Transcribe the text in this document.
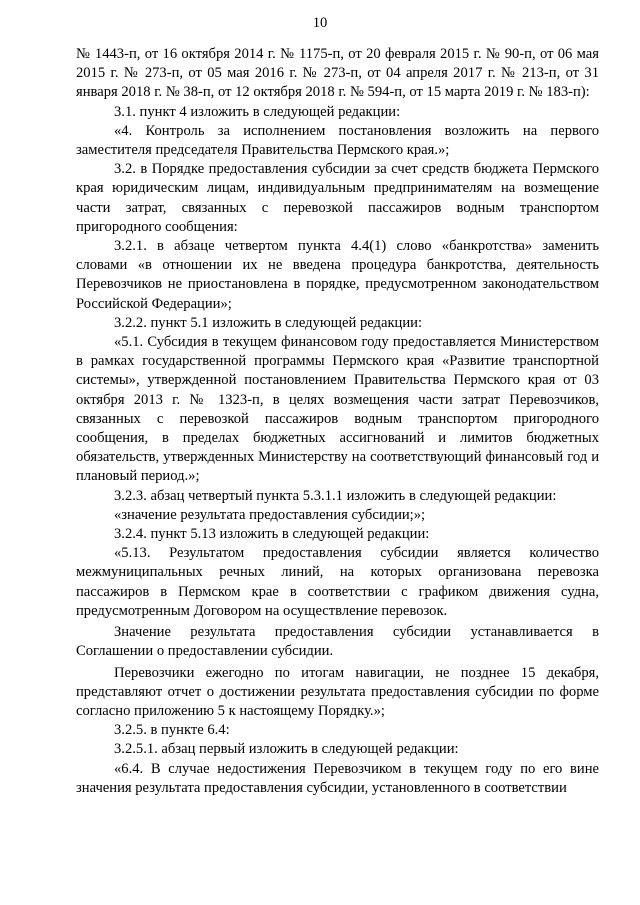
10

№ 1443-п, от 16 октября 2014 г. № 1175-п, от 20 февраля 2015 г. № 90-п, от 06 мая 2015 г. № 273-п, от 05 мая 2016 г. № 273-п, от 04 апреля 2017 г. № 213-п, от 31 января 2018 г. № 38-п, от 12 октября 2018 г. № 594-п, от 15 марта 2019 г. № 183-п):

3.1. пункт 4 изложить в следующей редакции:

«4. Контроль за исполнением постановления возложить на первого заместителя председателя Правительства Пермского края.»;

3.2. в Порядке предоставления субсидии за счет средств бюджета Пермского края юридическим лицам, индивидуальным предпринимателям на возмещение части затрат, связанных с перевозкой пассажиров водным транспортом пригородного сообщения:

3.2.1. в абзаце четвертом пункта 4.4(1) слово «банкротства» заменить словами «в отношении их не введена процедура банкротства, деятельность Перевозчиков не приостановлена в порядке, предусмотренном законодательством Российской Федерации»;

3.2.2. пункт 5.1 изложить в следующей редакции:

«5.1. Субсидия в текущем финансовом году предоставляется Министерством в рамках государственной программы Пермского края «Развитие транспортной системы», утвержденной постановлением Правительства Пермского края от 03 октября 2013 г. № 1323-п, в целях возмещения части затрат Перевозчиков, связанных с перевозкой пассажиров водным транспортом пригородного сообщения, в пределах бюджетных ассигнований и лимитов бюджетных обязательств, утвержденных Министерству на соответствующий финансовый год и плановый период.»;

3.2.3. абзац четвертый пункта 5.3.1.1 изложить в следующей редакции:

«значение результата предоставления субсидии;»;

3.2.4. пункт 5.13 изложить в следующей редакции:

«5.13. Результатом предоставления субсидии является количество межмуниципальных речных линий, на которых организована перевозка пассажиров в Пермском крае в соответствии с графиком движения судна, предусмотренным Договором на осуществление перевозок.

Значение результата предоставления субсидии устанавливается в Соглашении о предоставлении субсидии.

Перевозчики ежегодно по итогам навигации, не позднее 15 декабря, представляют отчет о достижении результата предоставления субсидии по форме согласно приложению 5 к настоящему Порядку.»;

3.2.5. в пункте 6.4:

3.2.5.1. абзац первый изложить в следующей редакции:

«6.4. В случае недостижения Перевозчиком в текущем году по его вине значения результата предоставления субсидии, установленного в соответствии
